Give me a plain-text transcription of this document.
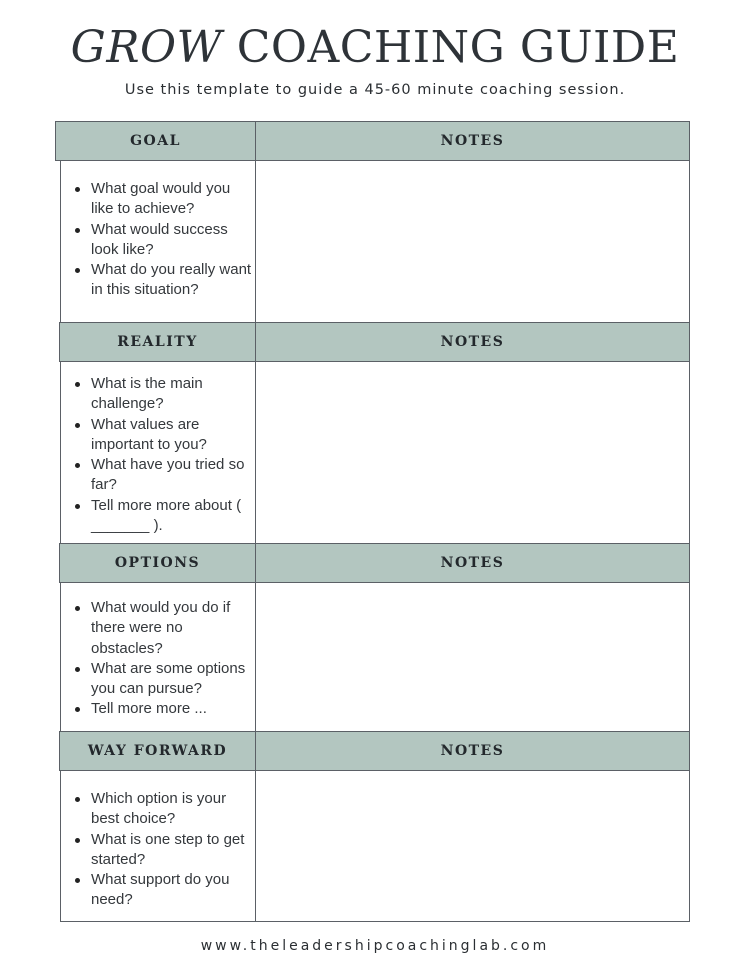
GROW COACHING GUIDE
Use this template to guide a 45-60 minute coaching session.
GOAL	NOTES
What goal would you like to achieve?
What would success look like?
What do you really want in this situation?
REALITY	NOTES
What is the main challenge?
What values are important to you?
What have you tried so far?
Tell more more about ( _______ ).
OPTIONS	NOTES
What would you do if there were no obstacles?
What are some options you can pursue?
Tell more more ...
WAY FORWARD	NOTES
Which option is your best choice?
What is one step to get started?
What support do you need?
www.theleadershipcoachinglab.com
